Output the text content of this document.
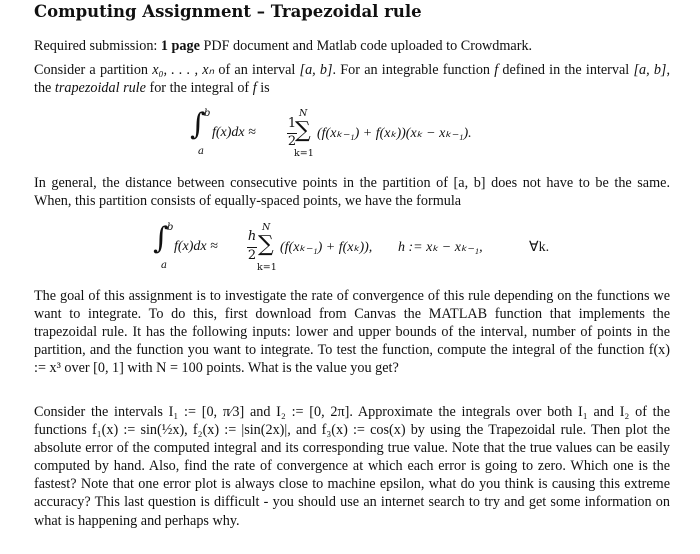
Computing Assignment – Trapezoidal rule
Required submission: 1 page PDF document and Matlab code uploaded to Crowdmark.
Consider a partition x₀, . . . , xₙ of an interval [a, b]. For an integrable function f defined in the interval [a, b], the trapezoidal rule for the integral of f is
∫
b
a
f(x)dx ≈
1
2
N
∑
k=1
(f(xₖ₋₁) + f(xₖ))(xₖ − xₖ₋₁).
In general, the distance between consecutive points in the partition of [a, b] does not have to be the same. When, this partition consists of equally-spaced points, we have the formula
∫
b
a
f(x)dx ≈
h
2
N
∑
k=1
(f(xₖ₋₁) + f(xₖ)), h := xₖ − xₖ₋₁,	∀k.
The goal of this assignment is to investigate the rate of convergence of this rule depending on the functions we want to integrate. To do this, first download from Canvas the MATLAB function that implements the trapezoidal rule. It has the following inputs: lower and upper bounds of the interval, number of points in the partition, and the function you want to integrate. To test the function, compute the integral of the function f(x) := x³ over [0, 1] with N = 100 points. What is the value you get?
Consider the intervals I₁ := [0, π⁄3] and I₂ := [0, 2π]. Approximate the integrals over both I₁ and I₂ of the functions f₁(x) := sin(½x), f₂(x) := |sin(2x)|, and f₃(x) := cos(x) by using the Trapezoidal rule. Then plot the absolute error of the computed integral and its corresponding true value. Note that the true values can be easily computed by hand. Also, find the rate of convergence at which each error is going to zero. Which one is the fastest? Note that one error plot is always close to machine epsilon, what do you think is causing this extreme accuracy? This last question is difficult - you should use an internet search to try and get some information on what is happening and perhaps why.
